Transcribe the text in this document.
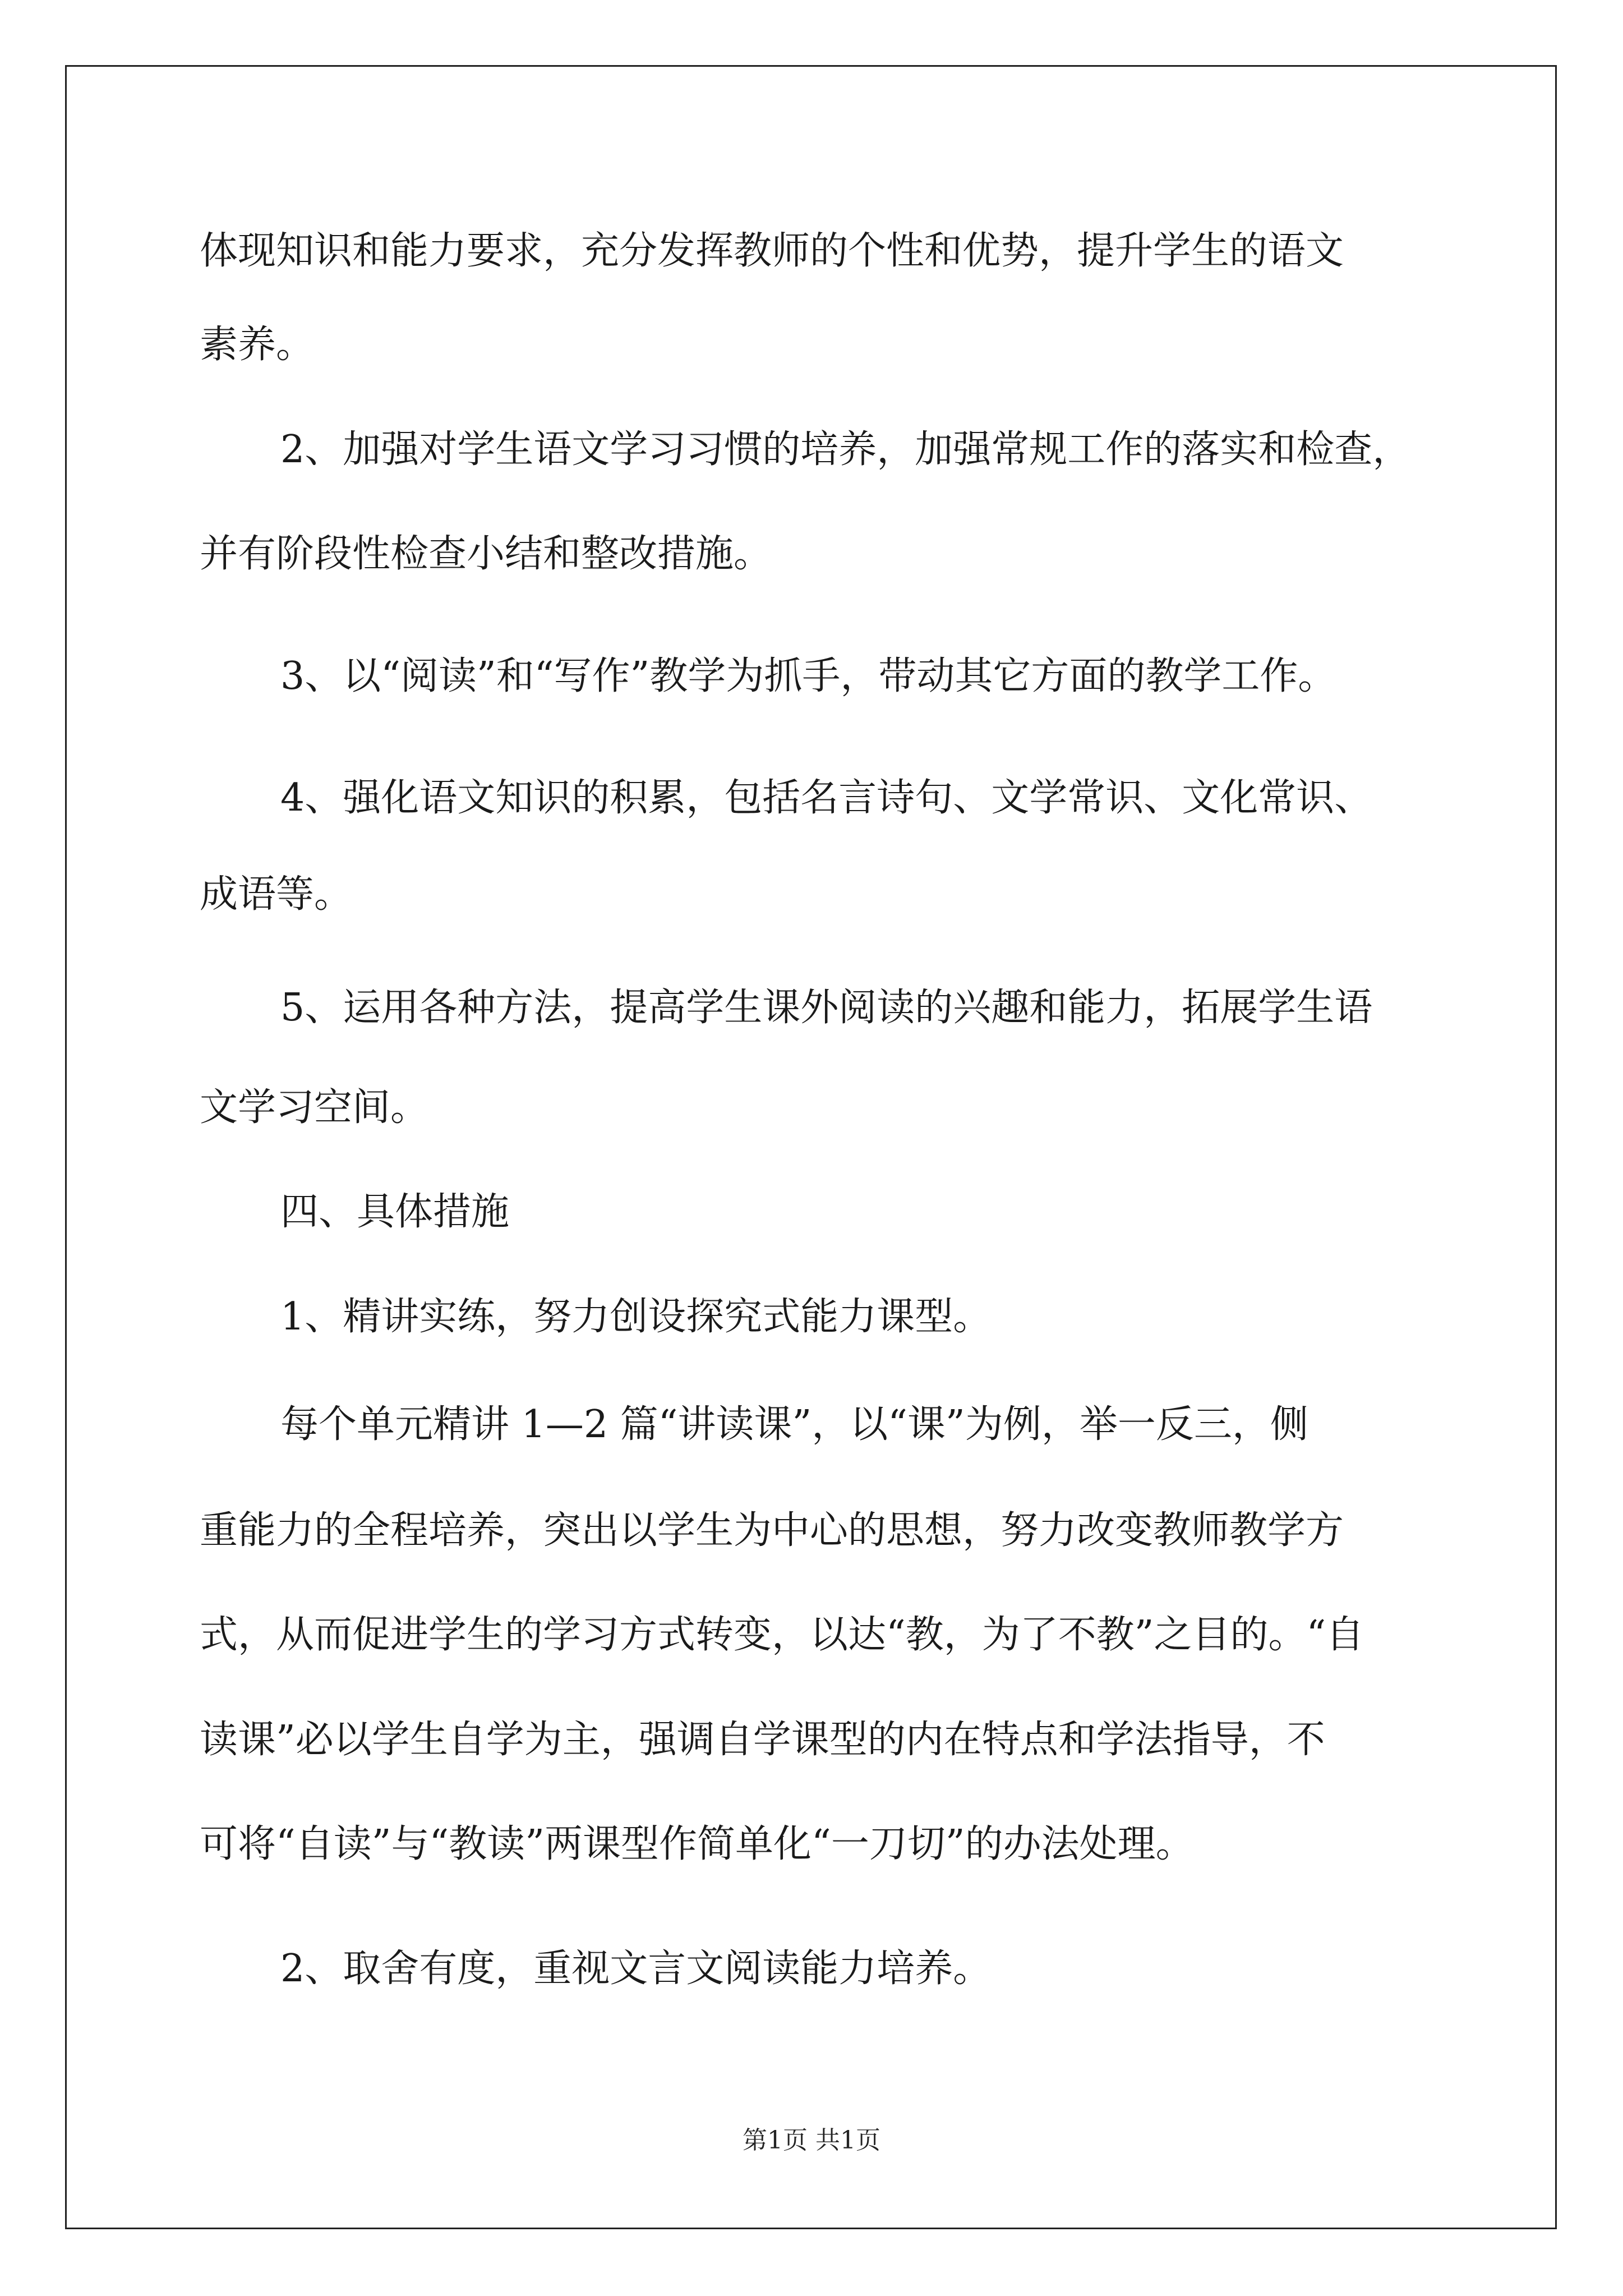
体现知识和能力要求，充分发挥教师的个性和优势，提升学生的语文
素养。
2、加强对学生语文学习习惯的培养，加强常规工作的落实和检查，
并有阶段性检查小结和整改措施。
3、以“阅读”和“写作”教学为抓手，带动其它方面的教学工作。
4、强化语文知识的积累，包括名言诗句、文学常识、文化常识、
成语等。
5、运用各种方法，提高学生课外阅读的兴趣和能力，拓展学生语
文学习空间。
四、具体措施
1、精讲实练，努力创设探究式能力课型。
每个单元精讲 1—2 篇“讲读课”，以“课”为例，举一反三，侧
重能力的全程培养，突出以学生为中心的思想，努力改变教师教学方
式，从而促进学生的学习方式转变，以达“教，为了不教”之目的。“自
读课”必以学生自学为主，强调自学课型的内在特点和学法指导，不
可将“自读”与“教读”两课型作简单化“一刀切”的办法处理。
2、取舍有度，重视文言文阅读能力培养。
第1页 共1页
